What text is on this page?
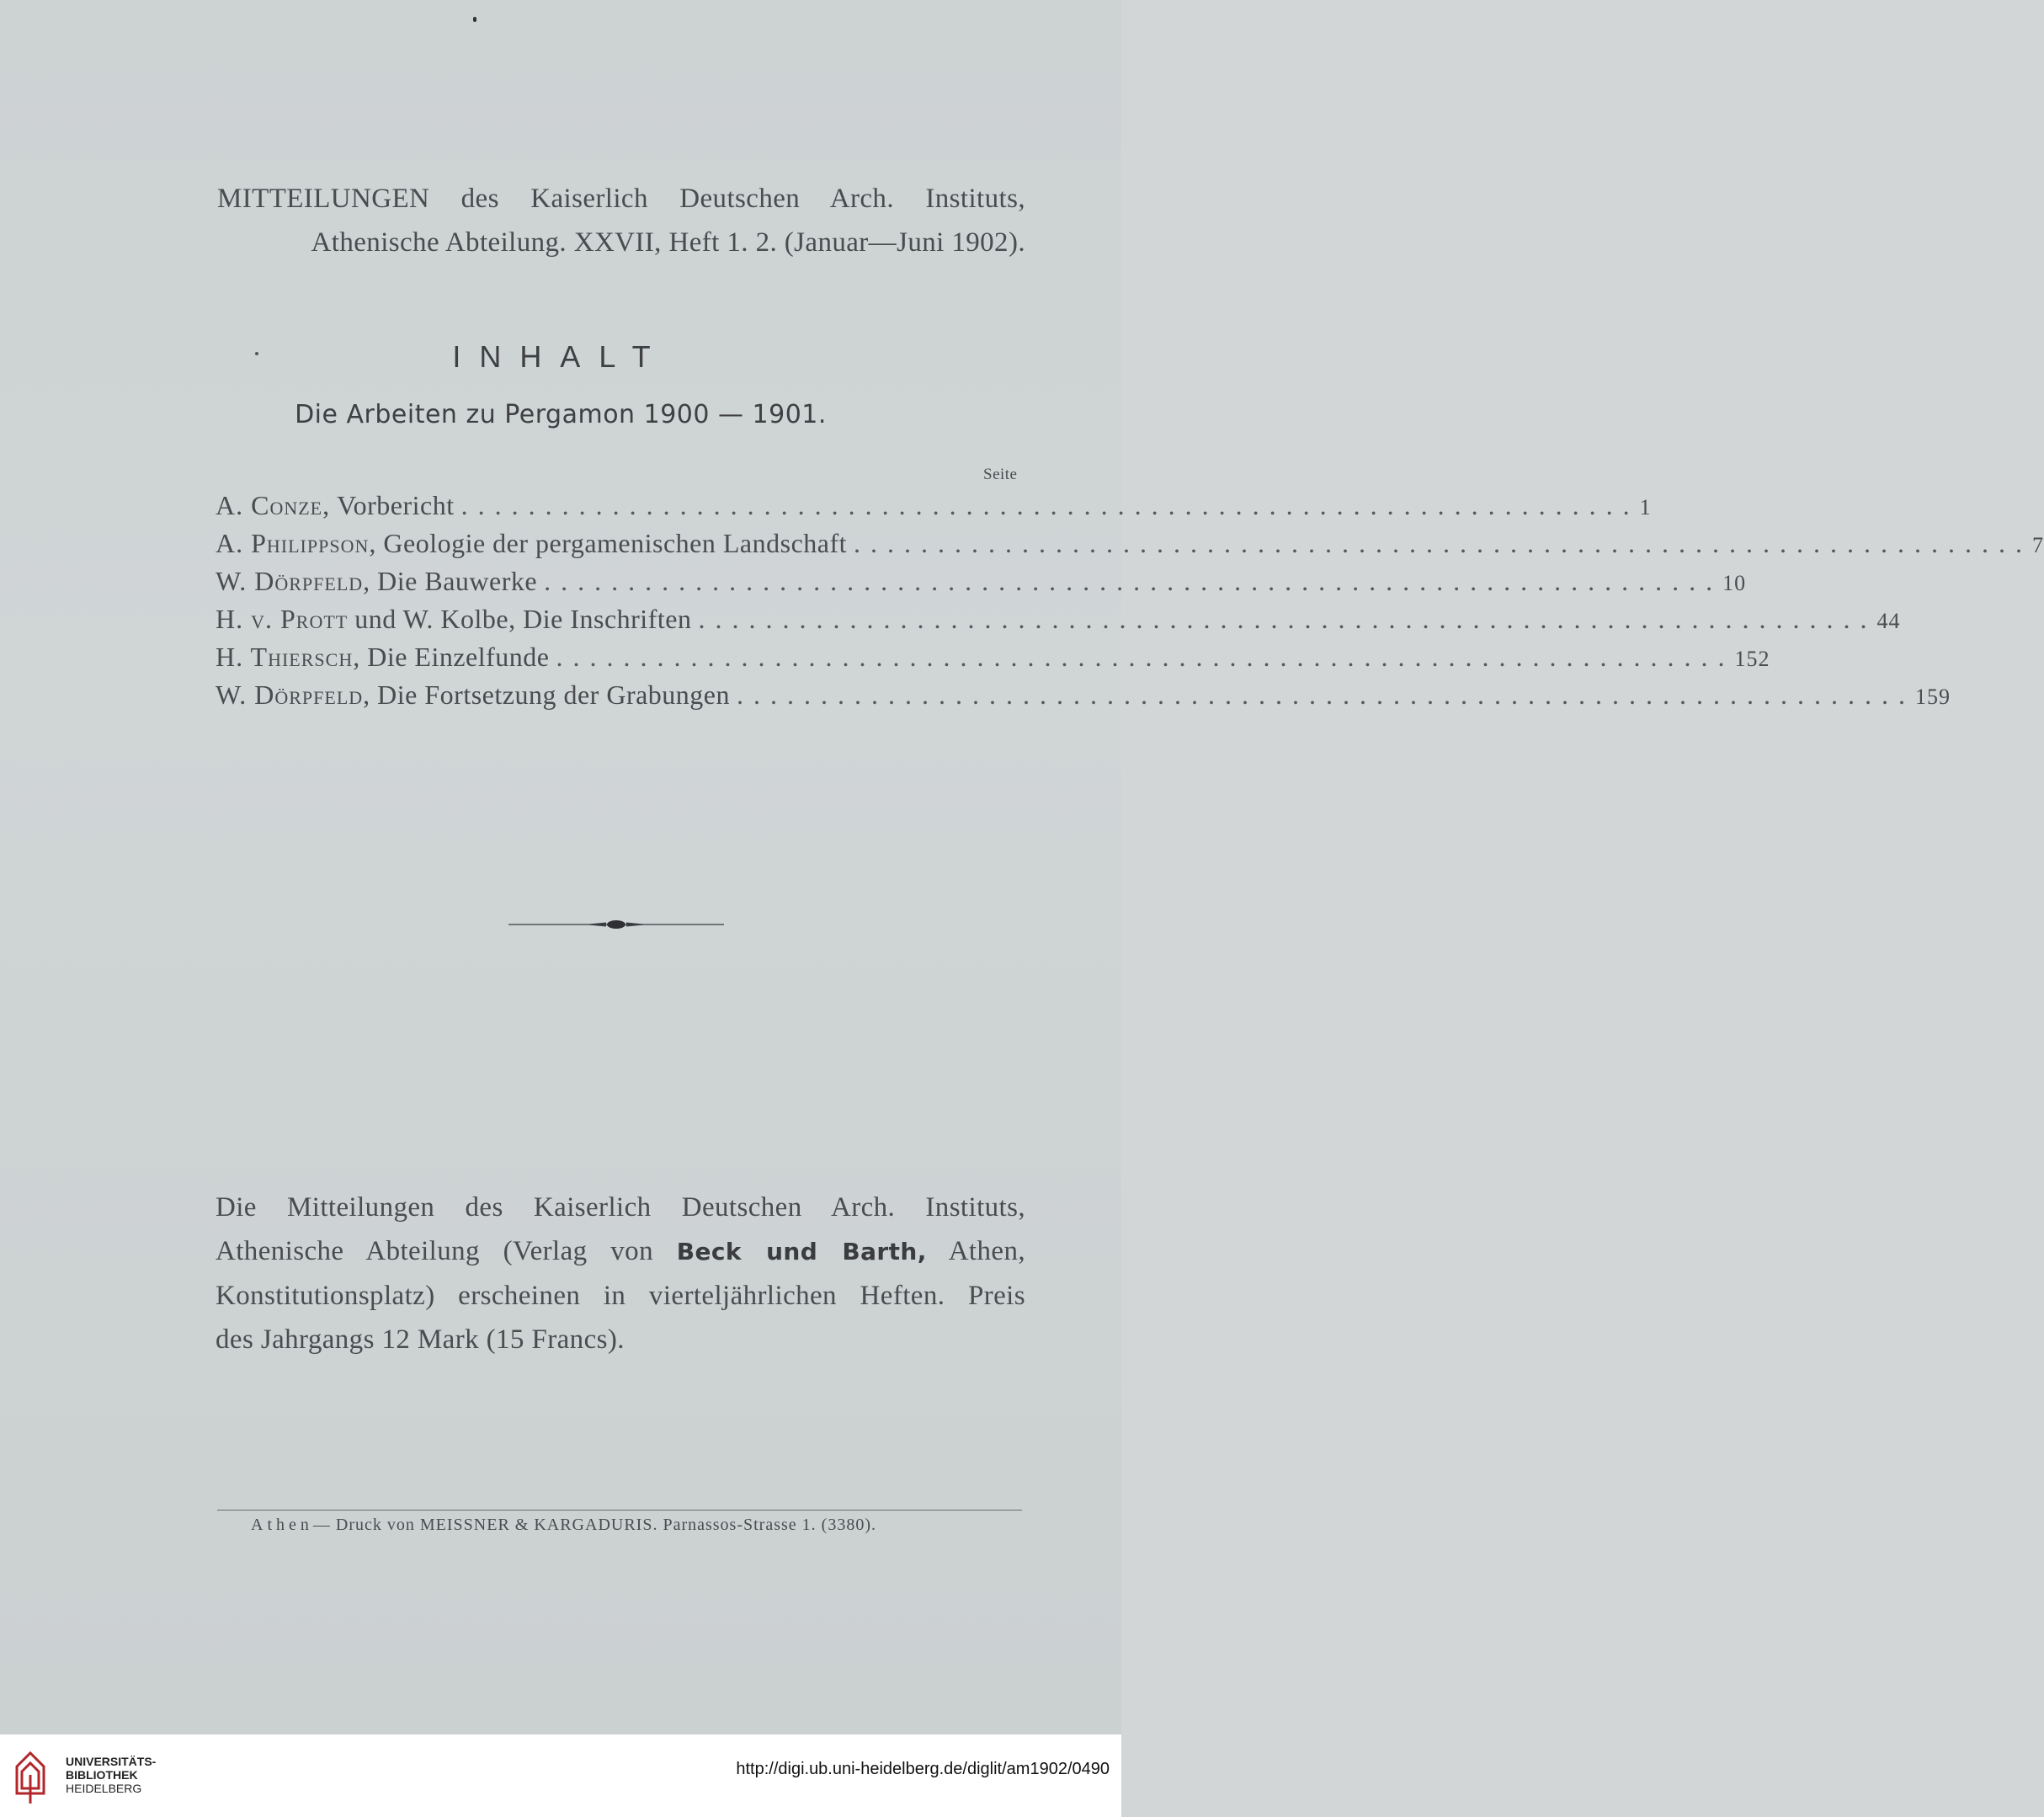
MITTEILUNGEN des Kaiserlich Deutschen Arch. Instituts,
Athenische Abteilung. XXVII, Heft 1. 2. (Januar—Juni 1902).
INHALT
Die Arbeiten zu Pergamon 1900 — 1901.
Seite
A. Conze,
Vorbericht ...................................................................... 1
A. Philippson,
Geologie der pergamenischen Landschaft ...................................................................... 7
W. Dörpfeld,
Die Bauwerke ...................................................................... 10
H. v. Prott
und W. Kolbe, Die Inschriften ...................................................................... 44
H. Thiersch,
Die Einzelfunde ...................................................................... 152
W. Dörpfeld,
Die Fortsetzung der Grabungen ...................................................................... 159

Die Mitteilungen des Kaiserlich Deutschen Arch. Instituts,

Athenische Abteilung (Verlag von Beck und Barth, Athen,

Konstitutionsplatz) erscheinen in vierteljährlichen Heften. Preis

des Jahrgangs 12 Mark (15 Francs).

Athen— Druck von MEISSNER & KARGADURIS. Parnassos-Strasse 1. (3380).
UNIVERSITÄTS-
BIBLIOTHEK
HEIDELBERG
http://digi.ub.uni-heidelberg.de/diglit/am1902/0490
